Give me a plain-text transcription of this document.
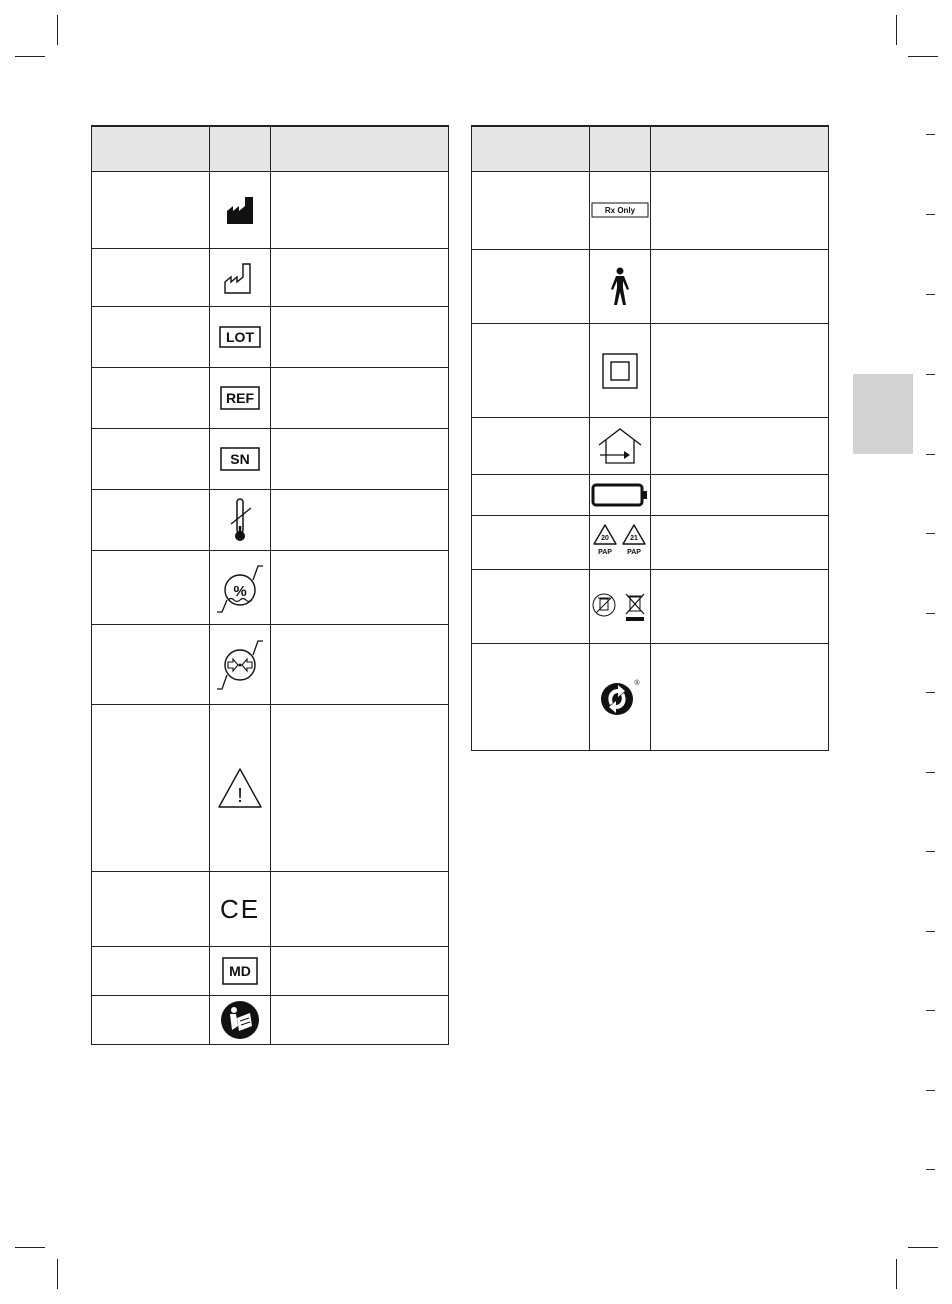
LOT	

REF	

SN	

%	

!	

CE	

MD	

Rx Only	

20
PAP
21
PAP	

®	
